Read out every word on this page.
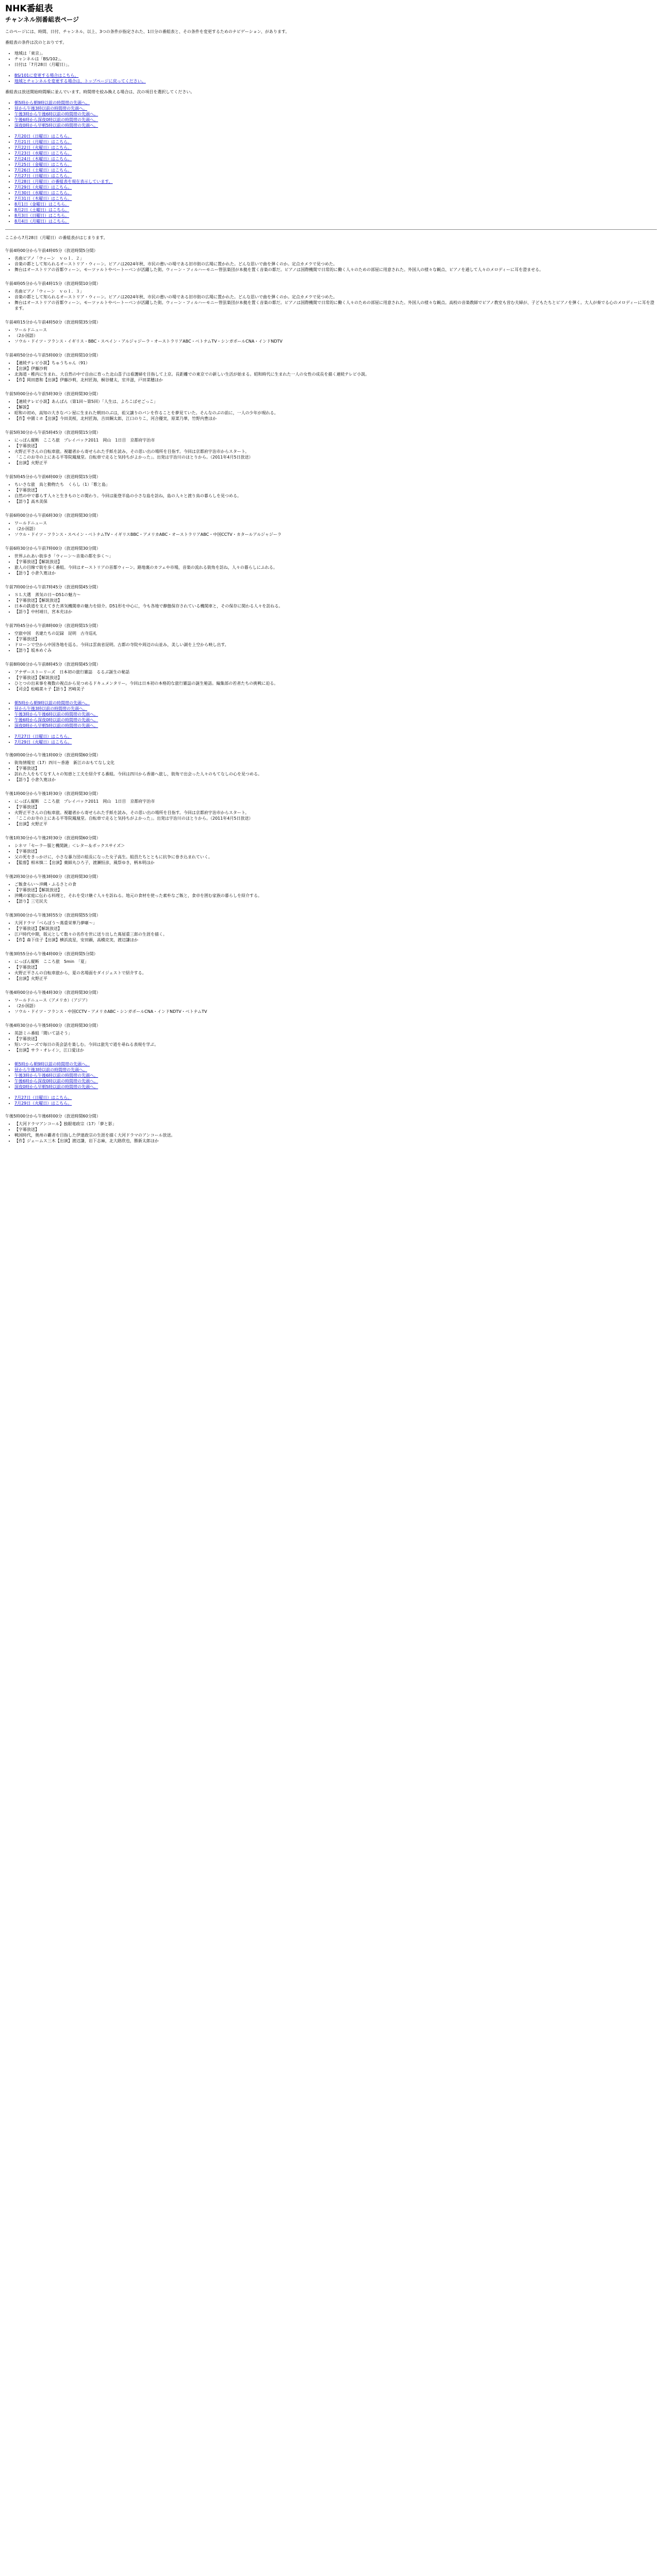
NHK番組表
チャンネル別番組表ページ

このページには、時間、日付、チャンネル、以上、3つの条件が指定された、1日分の番組表と、その条件を変更するためのナビゲーション、があります。

番組表の条件は次のとおりです。

• 地域は「東京」。
• チャンネルは「BS/102」。
• 日付は「7月28日（月曜日）」。
• BS/101に変更する場合はこちら。
• 地域とチャンネルを変更する場合は、トップページに戻ってください。

番組表は放送開始時間順に並んでいます。時間帯を絞み換える場合は、次の項目を選択してください。

• 朝5時から朝9時以前の時間帯の先頭へ。
• 昼から午後3時以前の時間帯の先頭へ。
• 午後3時から午後6時以前の時間帯の先頭へ。
• 午後6時から深夜0時以前の時間帯の先頭へ。
• 深夜0時から早朝5時以前の時間帯の先頭へ。
• 7月20日（日曜日）はこちら。
• 7月21日（月曜日）はこちら。
• 7月22日（火曜日）はこちら。
• 7月23日（水曜日）はこちら。
• 7月24日（木曜日）はこちら。
• 7月25日（金曜日）はこちら。
• 7月26日（土曜日）はこちら。
• 7月27日（日曜日）はこちら。
• 7月28日（月曜日）の番組表を現在表示しています。
• 7月29日（火曜日）はこちら。
• 7月30日（水曜日）はこちら。
• 7月31日（木曜日）はこちら。
• 8月1日（金曜日）はこちら。
• 8月2日（土曜日）はこちら。
• 8月3日（日曜日）はこちら。
• 8月4日（月曜日）はこちら。
ここから7月28日（月曜日）の番組表がはじまります。
午前4時00分から午前4時05分（放送時間5分間）
• 名曲ピアノ「ウィーン　ｖｏｌ．２」
• 音楽の都として知られるオーストリア・ウィーン。ピアノは2024年秋、市民の憩いの場である旧市街の広場に置かれた。どんな思いで曲を弾くのか。定点カメラで見つめた。
• 舞台はオーストリアの首都ウィーン。モーツァルトやベートーベンが活躍した街。ウィーン・フィルハーモニー管弦楽団が本拠を置く音楽の都だ。ピアノは国際機関で日常的に働く人々のための部屋に用意された。外国人の様々な観点、ピアノを通して人々のメロディーに耳を澄ませる。
午前4時05分から午前4時15分（放送時間10分間）
• 名曲ピアノ「ウィーン　ｖｏｌ．３」
• 音楽の都として知られるオーストリア・ウィーン。ピアノは2024年秋、市民の憩いの場である旧市街の広場に置かれた。どんな思いで曲を弾くのか。定点カメラで見つめた。
• 舞台はオーストリアの首都ウィーン。モーツァルトやベートーベンが活躍した街。ウィーン・フィルハーモニー管弦楽団が本拠を置く音楽の都だ。ピアノは国際機関で日常的に働く人々のための部屋に用意された。外国人の様々な観点。高校の音楽教師でピアノ教室も営む夫婦が、子どもたちとピアノを弾く。大人が奏でる心のメロディーに耳を澄ます。
午前4時15分から午前4時50分（放送時間35分間）
• ワールドニュース
• （2か国語）
• ソウル・ドイツ・フランス・イギリス・BBC・スペイン・アルジャジーラ・オーストラリアABC・ベトナムTV・シンガポールCNA・インドNDTV
午前4時50分から午前5時00分（放送時間10分間）
• 【連続テレビ小説】ちゅうちゃん（91）
• 【出演】伊藤沙莉
• 北海道・稚内に生まれ、大自然の中で自由に育った北山喜子は看護婦を目指して上京。長距離での東京での新しい生活が始まる。昭和時代に生まれた一人の女性の成長を描く連続テレビ小説。
• 【作】岡田惠和【出演】伊藤沙莉，北村匠海，桐谷健太，室井滋，戸田菜穂ほか
午前5時00分から午前5時30分（放送時間30分間）
• 【連続テレビ小説】あんぱん（第1回〜第5回）「人生は、よろこばせごっこ」
• 【解説】
• 昭和の初め，高知の大きなパン屋に生まれた朝田のぶは，祖父譲りのパンを作ることを夢見ていた。そんなのぶの前に，一人の少年が現れる。
• 【作】中園ミホ【出演】今田美桜，北村匠海，吉田鋼太郎，江口のりこ，河合優実，原菜乃華，竹野内豊ほか
午前5時30分から午前5時45分（放送時間15分間）
• にっぽん縦断　こころ旅　プレイバック2011　岡山　1日目　京都府宇治市
• 【字幕放送】
• 火野正平さんの自転車旅。視聴者から寄せられた手紙を読み，その思い出の場所を目指す。今回は京都府宇治市からスタート。
• 「ここのお寺の上にある平等院鳳凰堂。自転車で走ると気持ちがよかった」。出発は宇治川のほとりから。（2011年4月5日放送）
• 【出演】火野正平
午前5時45分から午前6時00分（放送時間15分間）
• ちいさな旅　鳥と動物たち　くらし（1）「歌と島」
• 【字幕放送】
• 自然の中で暮らす人々と生きものとの関わり。今回は能登半島の小さな島を訪ね，島の人々と渡り鳥の暮らしを見つめる。
• 【語り】高木美保
午前6時00分から午前6時30分（放送時間30分間）
• ワールドニュース
• （2か国語）
• ソウル・ドイツ・フランス・スペイン・ベトナムTV・イギリスBBC・アメリカABC・オーストラリアABC・中国CCTV・カタールアルジャジーラ
午前6時30分から午前7時00分（放送時間30分間）
• 世界ふれあい街歩き「ウィーン〜音楽の都を歩く〜」
• 【字幕放送】【解説放送】
• 旅人の目線で街を歩く番組。今回はオーストリアの首都ウィーン。路地裏のカフェや市場，音楽の流れる街角を訪ね，人々の暮らしにふれる。
• 【語り】小倉久寛ほか
午前7時00分から午前7時45分（放送時間45分間）
• ＳＬ大選　蒸気の日〜D51の魅力〜
• 【字幕放送】【解説放送】
• 日本の鉄道を支えてきた蒸気機関車の魅力を紹介。D51形を中心に，今も各地で静態保存されている機関車と，その保存に関わる人々を訪ねる。
• 【語り】中村靖日，宮本充ほか
午前7時45分から午前8時00分（放送時間15分間）
• 空旅中国　名建たちの記録　昆明　古寺巡礼
• 【字幕放送】
• ドローンで空から中国各地を巡る。今回は雲南省昆明。古都の寺院や周辺の山並み，美しい湖を上空から映し出す。
• 【語り】坂本めぐみ
午前8時00分から午前8時45分（放送時間45分間）
• アナザーストーリーズ　日本初の旅行雑誌　るるぶ誕生の秘話
• 【字幕放送】【解説放送】
• ひとつの出来事を複数の視点から見つめるドキュメンタリー。今回は日本初の本格的な旅行雑誌の誕生秘話。編集部の若者たちの挑戦に迫る。
• 【司会】松嶋菜々子【語り】宮崎美子
• 朝5時から朝9時以前の時間帯の先頭へ。
• 昼から午後3時以前の時間帯の先頭へ。
• 午後3時から午後6時以前の時間帯の先頭へ。
• 午後6時から深夜0時以前の時間帯の先頭へ。
• 深夜0時から早朝5時以前の時間帯の先頭へ。
• 7月27日（日曜日）はこちら。
• 7月29日（火曜日）はこちら。
午後0時00分から午後1時00分（放送時間60分間）
• 街角情報室（17）四川〜香港　新江のおもてなし文化
• 【字幕放送】
• 訪れた人をもてなす人々の知恵と工夫を紹介する番組。今回は四川から香港へ旅し，街角で出会った人々のもてなしの心を見つめる。
• 【語り】小倉久寛ほか
午後1時00分から午後1時30分（放送時間30分間）
• にっぽん縦断　こころ旅　プレイバック2011　岡山　1日目　京都府宇治市
• 【字幕放送】
• 火野正平さんの自転車旅。視聴者から寄せられた手紙を読み，その思い出の場所を目指す。今回は京都府宇治市からスタート。
• 「ここのお寺の上にある平等院鳳凰堂。自転車で走ると気持ちがよかった」。出発は宇治川のほとりから。（2011年4月5日放送）
• 【出演】火野正平
午後1時30分から午後2時30分（放送時間60分間）
• シネマ「セーラー服と機関銃」＜レター＆ボックスサイズ＞
• 【字幕放送】
• 父の死をきっかけに，小さな暴力団の組長になった女子高生。組員たちとともに抗争に巻き込まれていく。
• 【監督】相米慎二【出演】薬師丸ひろ子，渡瀬恒彦，風祭ゆき，柄本明ほか
午後2時30分から午後3時00分（放送時間30分間）
• ご飯食らい〜沖縄・ふるさとの食
• 【字幕放送】【解説放送】
• 沖縄の家庭に伝わる料理と，それを受け継ぐ人々を訪ねる。地元の食材を使った素朴なご飯と，食卓を囲む家族の暮らしを紹介する。
• 【語り】三宅民夫
午後3時00分から午後3時55分（放送時間55分間）
• 大河ドラマ「べらぼう〜蔦重栄華乃夢噺〜」
• 【字幕放送】【解説放送】
• 江戸時代中期，版元として数々の名作を世に送り出した蔦屋重三郎の生涯を描く。
• 【作】森下佳子【出演】横浜流星，安田顕，高橋克実，渡辺謙ほか
午後3時55分から午後4時00分（放送時間5分間）
• にっぽん縦断　こころ旅　5min　「夏」
• 【字幕放送】
• 火野正平さんの自転車旅から，夏の名場面をダイジェストで紹介する。
• 【出演】火野正平
午後4時00分から午後4時30分（放送時間30分間）
• ワールドニュース（アメリカ）（アジア）
• （2か国語）
• ソウル・ドイツ・フランス・中国CCTV・アメリカABC・シンガポールCNA・インドNDTV・ベトナムTV
午後4時30分から午後5時00分（放送時間30分間）
• 英語ミニ番組「聞いて話そう」
• 【字幕放送】
• 短いフレーズで毎日の英会話を楽しむ。今回は旅先で道を尋ねる表現を学ぶ。
• 【出演】サラ・オレイン，江口愛ほか
• 朝5時から朝9時以前の時間帯の先頭へ。
• 昼から午後3時以前の時間帯の先頭へ。
• 午後3時から午後6時以前の時間帯の先頭へ。
• 午後6時から深夜0時以前の時間帯の先頭へ。
• 深夜0時から早朝5時以前の時間帯の先頭へ。
• 7月27日（日曜日）はこちら。
• 7月29日（火曜日）はこちら。
午後5時00分から午後6時00分（放送時間60分間）
• 【大河ドラマアンコール】独眼竜政宗（17）「夢と影」
• 【字幕放送】
• 戦国時代，奥州の覇者を目指した伊達政宗の生涯を描く大河ドラマのアンコール放送。
• 【作】ジェームス三木【出演】渡辺謙，岩下志麻，北大路欣也，勝新太郎ほか
